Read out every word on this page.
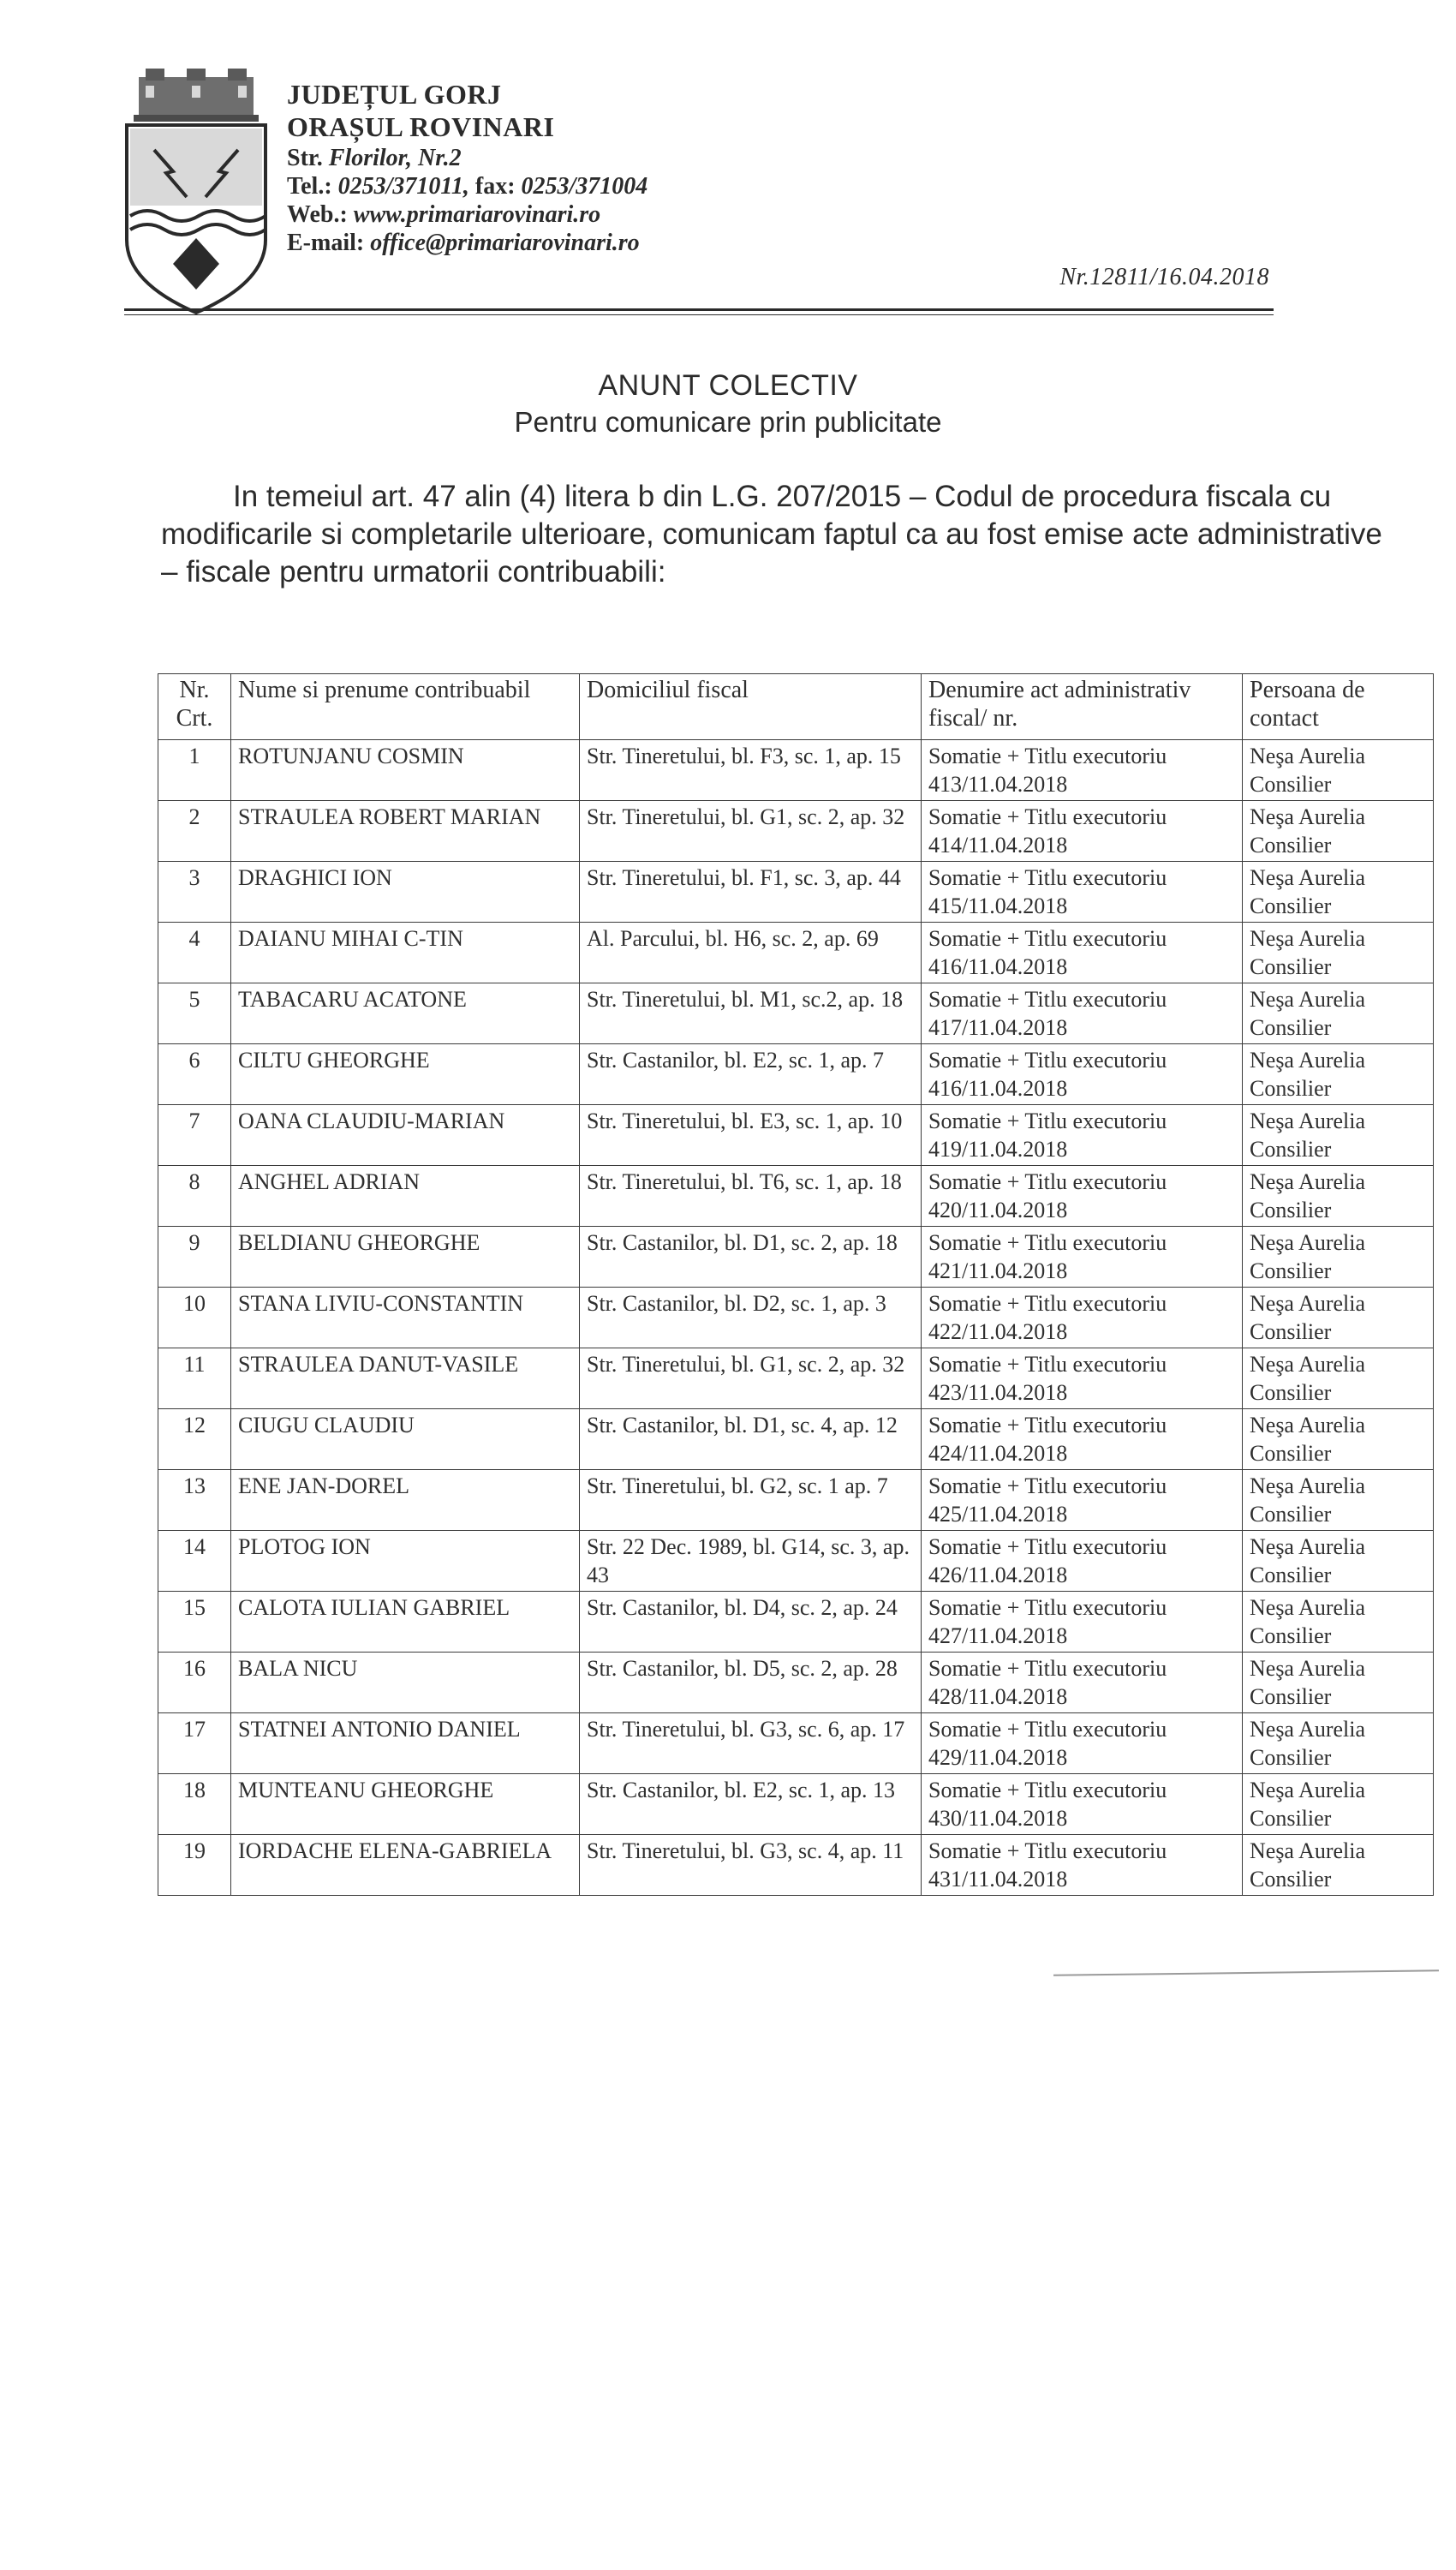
JUDEȚUL GORJ
ORAȘUL ROVINARI
Str. Florilor, Nr.2
Tel.: 0253/371011, fax: 0253/371004
Web.: www.primariarovinari.ro
E-mail: office@primariarovinari.ro
Nr.12811/16.04.2018
ANUNT COLECTIV
Pentru comunicare prin publicitate
In temeiul art. 47 alin (4) litera b din L.G. 207/2015 – Codul de procedura fiscala cu modificarile si completarile ulterioare, comunicam faptul ca au fost emise acte administrative – fiscale pentru urmatorii contribuabili:
Nr. Crt.	Nume si prenume contribuabil	Domiciliul fiscal	Denumire act administrativ fiscal/ nr.	Persoana de contact
1	ROTUNJANU COSMIN	Str. Tineretului, bl. F3, sc. 1, ap. 15	Somatie + Titlu executoriu 413/11.04.2018	Neşa Aurelia Consilier
2	STRAULEA ROBERT MARIAN	Str. Tineretului, bl. G1, sc. 2, ap. 32	Somatie + Titlu executoriu 414/11.04.2018	Neşa Aurelia Consilier
3	DRAGHICI ION	Str. Tineretului, bl. F1, sc. 3, ap. 44	Somatie + Titlu executoriu 415/11.04.2018	Neşa Aurelia Consilier
4	DAIANU MIHAI C-TIN	Al. Parcului, bl. H6, sc. 2, ap. 69	Somatie + Titlu executoriu 416/11.04.2018	Neşa Aurelia Consilier
5	TABACARU ACATONE	Str. Tineretului, bl. M1, sc.2, ap. 18	Somatie + Titlu executoriu 417/11.04.2018	Neşa Aurelia Consilier
6	CILTU GHEORGHE	Str. Castanilor, bl. E2, sc. 1, ap. 7	Somatie + Titlu executoriu 416/11.04.2018	Neşa Aurelia Consilier
7	OANA CLAUDIU-MARIAN	Str. Tineretului, bl. E3, sc. 1, ap. 10	Somatie + Titlu executoriu 419/11.04.2018	Neşa Aurelia Consilier
8	ANGHEL ADRIAN	Str. Tineretului, bl. T6, sc. 1, ap. 18	Somatie + Titlu executoriu 420/11.04.2018	Neşa Aurelia Consilier
9	BELDIANU GHEORGHE	Str. Castanilor, bl. D1, sc. 2, ap. 18	Somatie + Titlu executoriu 421/11.04.2018	Neşa Aurelia Consilier
10	STANA LIVIU-CONSTANTIN	Str. Castanilor, bl. D2, sc. 1, ap. 3	Somatie + Titlu executoriu 422/11.04.2018	Neşa Aurelia Consilier
11	STRAULEA DANUT-VASILE	Str. Tineretului, bl. G1, sc. 2, ap. 32	Somatie + Titlu executoriu 423/11.04.2018	Neşa Aurelia Consilier
12	CIUGU CLAUDIU	Str. Castanilor, bl. D1, sc. 4, ap. 12	Somatie + Titlu executoriu 424/11.04.2018	Neşa Aurelia Consilier
13	ENE JAN-DOREL	Str. Tineretului, bl. G2, sc. 1 ap. 7	Somatie + Titlu executoriu 425/11.04.2018	Neşa Aurelia Consilier
14	PLOTOG ION	Str. 22 Dec. 1989, bl. G14, sc. 3, ap. 43	Somatie + Titlu executoriu 426/11.04.2018	Neşa Aurelia Consilier
15	CALOTA IULIAN GABRIEL	Str. Castanilor, bl. D4, sc. 2, ap. 24	Somatie + Titlu executoriu 427/11.04.2018	Neşa Aurelia Consilier
16	BALA NICU	Str. Castanilor, bl. D5, sc. 2, ap. 28	Somatie + Titlu executoriu 428/11.04.2018	Neşa Aurelia Consilier
17	STATNEI ANTONIO DANIEL	Str. Tineretului, bl. G3, sc. 6, ap. 17	Somatie + Titlu executoriu 429/11.04.2018	Neşa Aurelia Consilier
18	MUNTEANU GHEORGHE	Str. Castanilor, bl. E2, sc. 1, ap. 13	Somatie + Titlu executoriu 430/11.04.2018	Neşa Aurelia Consilier
19	IORDACHE ELENA-GABRIELA	Str. Tineretului, bl. G3, sc. 4, ap. 11	Somatie + Titlu executoriu 431/11.04.2018	Neşa Aurelia Consilier
